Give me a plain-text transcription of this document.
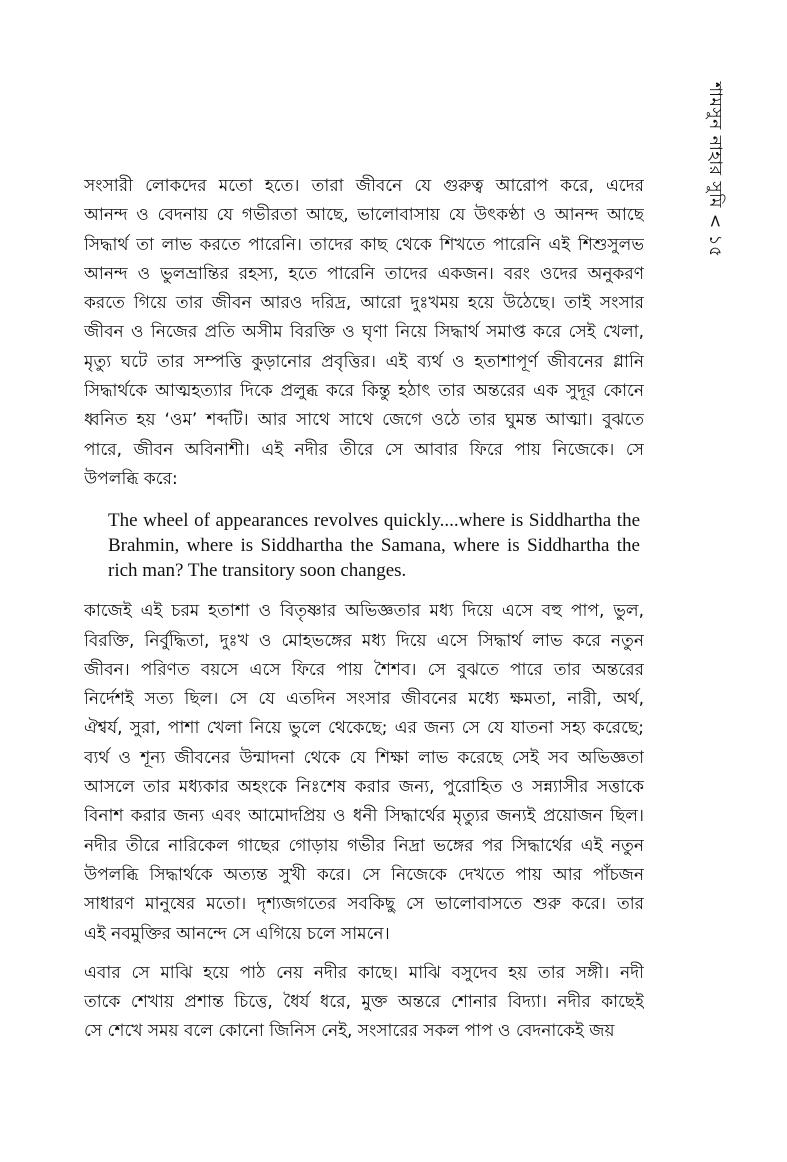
শামসুন নাহার সুমি < ১৫

সংসারী লোকদের মতো হতে। তারা জীবনে যে গুরুত্ব আরোপ করে, এদের
আনন্দ ও বেদনায় যে গভীরতা আছে, ভালোবাসায় যে উৎকণ্ঠা ও আনন্দ আছে
সিদ্ধার্থ তা লাভ করতে পারেনি। তাদের কাছ থেকে শিখতে পারেনি এই শিশুসুলভ
আনন্দ ও ভুলভ্রান্তির রহস্য, হতে পারেনি তাদের একজন। বরং ওদের অনুকরণ
করতে গিয়ে তার জীবন আরও দরিদ্র, আরো দুঃখময় হয়ে উঠেছে। তাই সংসার
জীবন ও নিজের প্রতি অসীম বিরক্তি ও ঘৃণা নিয়ে সিদ্ধার্থ সমাপ্ত করে সেই খেলা,
মৃত্যু ঘটে তার সম্পত্তি কুড়ানোর প্রবৃত্তির। এই ব্যর্থ ও হতাশাপূর্ণ জীবনের গ্লানি
সিদ্ধার্থকে আত্মহত্যার দিকে প্রলুব্ধ করে কিন্তু হঠাৎ তার অন্তরের এক সুদূর কোনে
ধ্বনিত হয় ‘ওম’ শব্দটি। আর সাথে সাথে জেগে ওঠে তার ঘুমন্ত আত্মা। বুঝতে
পারে, জীবন অবিনাশী। এই নদীর তীরে সে আবার ফিরে পায় নিজেকে। সে
উপলব্ধি করে:

The wheel of appearances revolves quickly....where is Siddhartha the
Brahmin, where is Siddhartha the Samana, where is Siddhartha the
rich man? The transitory soon changes.

কাজেই এই চরম হতাশা ও বিতৃষ্ণার অভিজ্ঞতার মধ্য দিয়ে এসে বহু পাপ, ভুল,
বিরক্তি, নির্বুদ্ধিতা, দুঃখ ও মোহভঙ্গের মধ্য দিয়ে এসে সিদ্ধার্থ লাভ করে নতুন
জীবন। পরিণত বয়সে এসে ফিরে পায় শৈশব। সে বুঝতে পারে তার অন্তরের
নির্দেশই সত্য ছিল। সে যে এতদিন সংসার জীবনের মধ্যে ক্ষমতা, নারী, অর্থ,
ঐশ্বর্য, সুরা, পাশা খেলা নিয়ে ভুলে থেকেছে; এর জন্য সে যে যাতনা সহ্য করেছে;
ব্যর্থ ও শূন্য জীবনের উন্মাদনা থেকে যে শিক্ষা লাভ করেছে সেই সব অভিজ্ঞতা
আসলে তার মধ্যকার অহংকে নিঃশেষ করার জন্য, পুরোহিত ও সন্ন্যাসীর সত্তাকে
বিনাশ করার জন্য এবং আমোদপ্রিয় ও ধনী সিদ্ধার্থের মৃত্যুর জন্যই প্রয়োজন ছিল।
নদীর তীরে নারিকেল গাছের গোড়ায় গভীর নিদ্রা ভঙ্গের পর সিদ্ধার্থের এই নতুন
উপলব্ধি সিদ্ধার্থকে অত্যন্ত সুখী করে। সে নিজেকে দেখতে পায় আর পাঁচজন
সাধারণ মানুষের মতো। দৃশ্যজগতের সবকিছু সে ভালোবাসতে শুরু করে। তার
এই নবমুক্তির আনন্দে সে এগিয়ে চলে সামনে।

এবার সে মাঝি হয়ে পাঠ নেয় নদীর কাছে। মাঝি বসুদেব হয় তার সঙ্গী। নদী
তাকে শেখায় প্রশান্ত চিত্তে, ধৈর্য ধরে, মুক্ত অন্তরে শোনার বিদ্যা। নদীর কাছেই
সে শেখে সময় বলে কোনো জিনিস নেই, সংসারের সকল পাপ ও বেদনাকেই জয়
